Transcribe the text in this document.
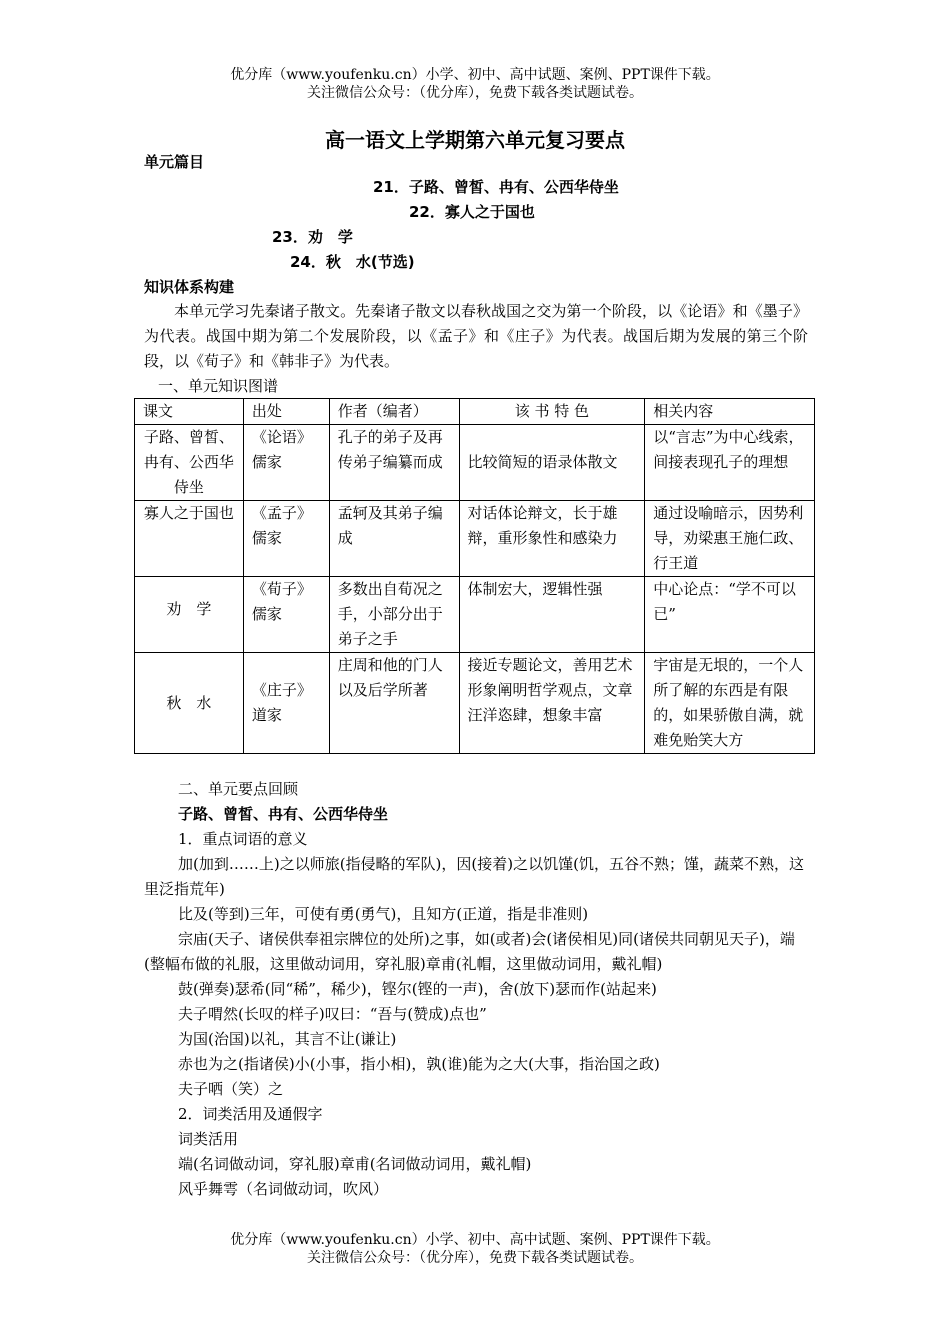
优分库（www.youfenku.cn）小学、初中、高中试题、案例、PPT课件下载。
关注微信公众号：（优分库），免费下载各类试题试卷。
高一语文上学期第六单元复习要点
单元篇目
21．子路、曾皙、冉有、公西华侍坐
22．寡人之于国也
23．劝　学
24．秋　水(节选)
知识体系构建
本单元学习先秦诸子散文。先秦诸子散文以春秋战国之交为第一个阶段，以《论语》和《墨子》为代表。战国中期为第二个发展阶段，以《孟子》和《庄子》为代表。战国后期为发展的第三个阶段，以《荀子》和《韩非子》为代表。
一、单元知识图谱
课文	出处	作者（编者）	该 书 特 色	相关内容
子路、曾皙、冉有、公西华侍坐	《论语》儒家	孔子的弟子及再传弟子编纂而成	比较简短的语录体散文	以“言志”为中心线索，间接表现孔子的理想
寡人之于国也	《孟子》儒家	孟轲及其弟子编成	对话体论辩文，长于雄辩，重形象性和感染力	通过设喻暗示，因势利导，劝梁惠王施仁政、行王道
劝　学	《荀子》儒家	多数出自荀况之手，小部分出于弟子之手	体制宏大，逻辑性强	中心论点：“学不可以已”
秋　水	《庄子》道家	庄周和他的门人以及后学所著	接近专题论文，善用艺术形象阐明哲学观点，文章汪洋恣肆，想象丰富	宇宙是无垠的，一个人所了解的东西是有限的，如果骄傲自满，就难免贻笑大方
二、单元要点回顾
子路、曾皙、冉有、公西华侍坐
1．重点词语的意义
加(加到……上)之以师旅(指侵略的军队)，因(接着)之以饥馑(饥，五谷不熟；馑，蔬菜不熟，这里泛指荒年)
比及(等到)三年，可使有勇(勇气)，且知方(正道，指是非准则)
宗庙(天子、诸侯供奉祖宗牌位的处所)之事，如(或者)会(诸侯相见)同(诸侯共同朝见天子)，端(整幅布做的礼服，这里做动词用，穿礼服)章甫(礼帽，这里做动词用，戴礼帽)
鼓(弹奏)瑟希(同“稀”，稀少)，铿尔(铿的一声)，舍(放下)瑟而作(站起来)
夫子喟然(长叹的样子)叹曰：“吾与(赞成)点也”
为国(治国)以礼，其言不让(谦让)
赤也为之(指诸侯)小(小事，指小相)，孰(谁)能为之大(大事，指治国之政)
夫子哂（笑）之
2．词类活用及通假字
词类活用
端(名词做动词，穿礼服)章甫(名词做动词用，戴礼帽)
风乎舞雩（名词做动词，吹风）
优分库（www.youfenku.cn）小学、初中、高中试题、案例、PPT课件下载。
关注微信公众号：（优分库），免费下载各类试题试卷。
